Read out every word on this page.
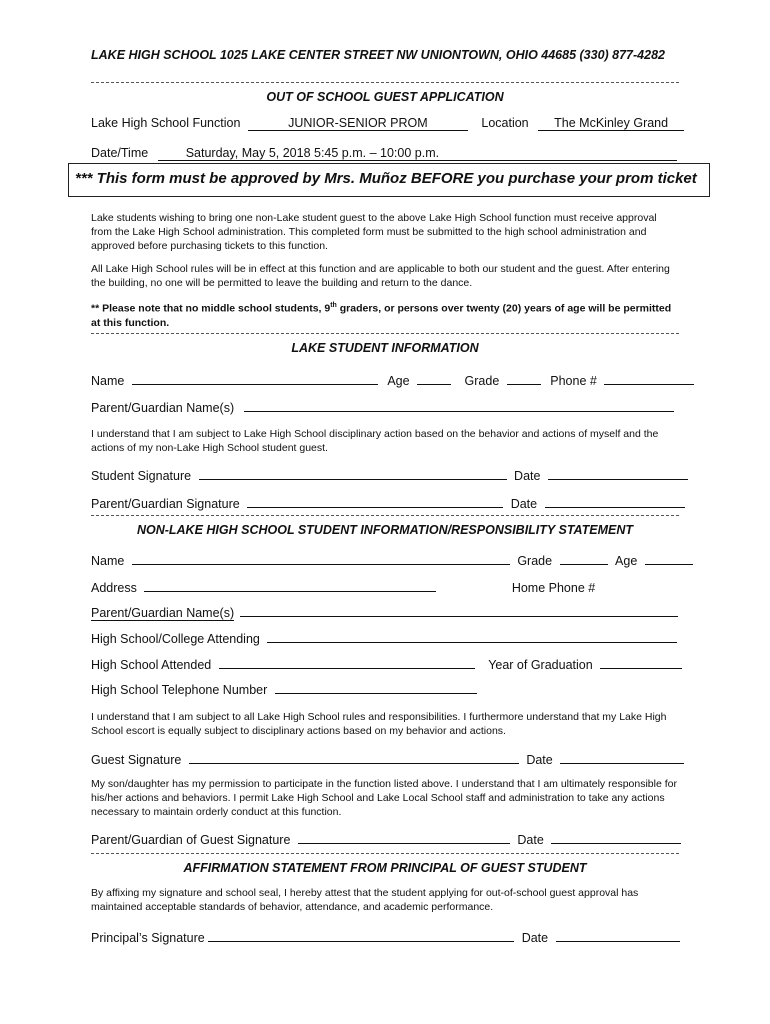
LAKE HIGH SCHOOL 1025 LAKE CENTER STREET NW UNIONTOWN, OHIO 44685 (330) 877-4282
OUT OF SCHOOL GUEST APPLICATION
Lake High School Function	JUNIOR-SENIOR PROM	Location The McKinley Grand
Date/Time	Saturday, May 5, 2018 5:45 p.m. – 10:00 p.m.
*** This form must be approved by Mrs. Muñoz BEFORE you purchase your prom ticket
Lake students wishing to bring one non-Lake student guest to the above Lake High School function must receive approval from the Lake High School administration. This completed form must be submitted to the high school administration and approved before purchasing tickets to this function.
All Lake High School rules will be in effect at this function and are applicable to both our student and the guest. After entering the building, no one will be permitted to leave the building and return to the dance.
** Please note that no middle school students, 9th graders, or persons over twenty (20) years of age will be permitted at this function.
LAKE STUDENT INFORMATION
Name	Age	Grade	Phone #
Parent/Guardian Name(s)
I understand that I am subject to Lake High School disciplinary action based on the behavior and actions of myself and the actions of my non-Lake High School student guest.
Student Signature	Date
Parent/Guardian Signature	Date
NON-LAKE HIGH SCHOOL STUDENT INFORMATION/RESPONSIBILITY STATEMENT
Name	Grade	Age
Address	Home Phone #
Parent/Guardian Name(s)
High School/College Attending
High School Attended	Year of Graduation
High School Telephone Number
I understand that I am subject to all Lake High School rules and responsibilities. I furthermore understand that my Lake High School escort is equally subject to disciplinary actions based on my behavior and actions.
Guest Signature	Date
My son/daughter has my permission to participate in the function listed above. I understand that I am ultimately responsible for his/her actions and behaviors. I permit Lake High School and Lake Local School staff and administration to take any actions necessary to maintain orderly conduct at this function.
Parent/Guardian of Guest Signature	Date
AFFIRMATION STATEMENT FROM PRINCIPAL OF GUEST STUDENT
By affixing my signature and school seal, I hereby attest that the student applying for out-of-school guest approval has maintained acceptable standards of behavior, attendance, and academic performance.
Principal’s Signature	Date
